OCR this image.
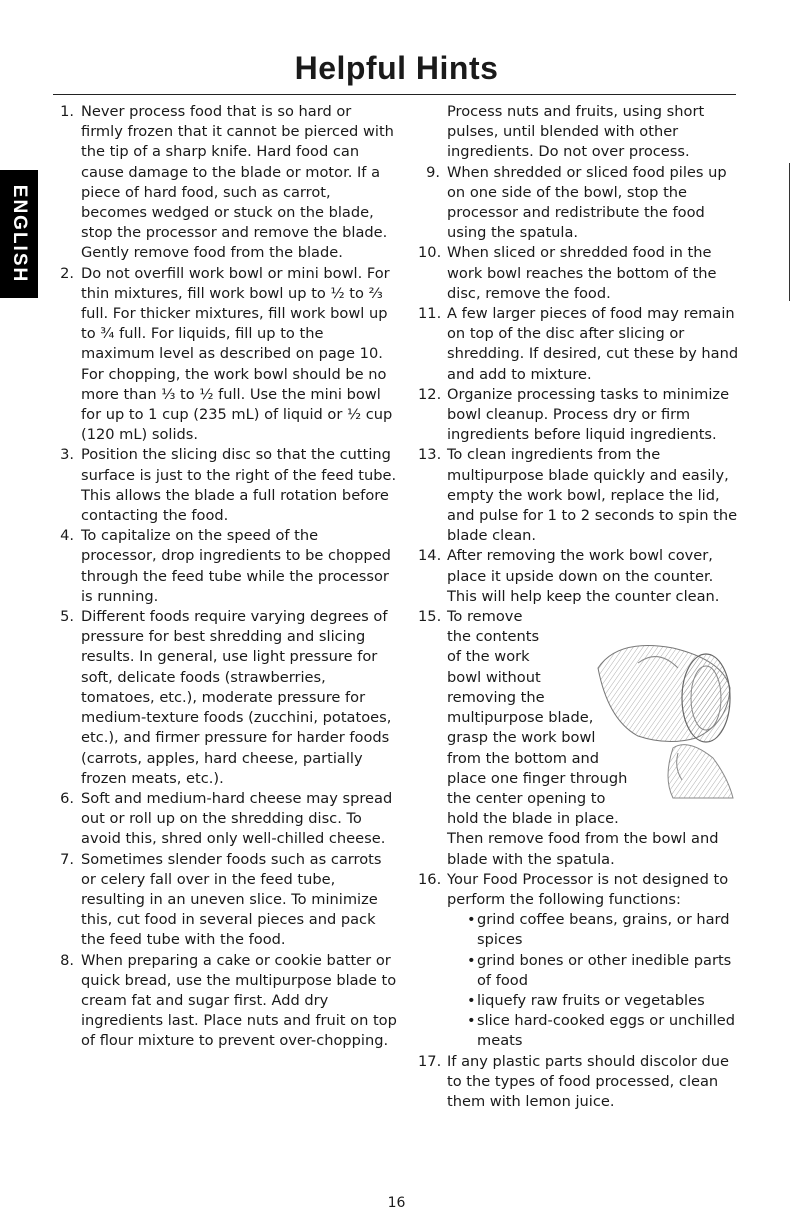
Helpful Hints
ENGLISH
1. Never process food that is so hard or firmly frozen that it cannot be pierced with the tip of a sharp knife. Hard food can cause damage to the blade or motor. If a piece of hard food, such as carrot, becomes wedged or stuck on the blade, stop the processor and remove the blade. Gently remove food from the blade.
2. Do not overfill work bowl or mini bowl. For thin mixtures, fill work bowl up to ½ to ⅔ full. For thicker mixtures, fill work bowl up to ¾ full. For liquids, fill up to the maximum level as described on page 10. For chopping, the work bowl should be no more than ⅓ to ½ full. Use the mini bowl for up to 1 cup (235 mL) of liquid or ½ cup (120 mL) solids.
3. Position the slicing disc so that the cutting surface is just to the right of the feed tube. This allows the blade a full rotation before contacting the food.
4. To capitalize on the speed of the processor, drop ingredients to be chopped through the feed tube while the processor is running.
5. Different foods require varying degrees of pressure for best shredding and slicing results. In general, use light pressure for soft, delicate foods (strawberries, tomatoes, etc.), moderate pressure for medium-texture foods (zucchini, potatoes, etc.), and firmer pressure for harder foods (carrots, apples, hard cheese, partially frozen meats, etc.).
6. Soft and medium-hard cheese may spread out or roll up on the shredding disc. To avoid this, shred only well-chilled cheese.
7. Sometimes slender foods such as carrots or celery fall over in the feed tube, resulting in an uneven slice. To minimize this, cut food in several pieces and pack the feed tube with the food.
8. When preparing a cake or cookie batter or quick bread, use the multipurpose blade to cream fat and sugar first. Add dry ingredients last. Place nuts and fruit on top of flour mixture to prevent over-chopping.
Process nuts and fruits, using short pulses, until blended with other ingredients. Do not over process.
9. When shredded or sliced food piles up on one side of the bowl, stop the processor and redistribute the food using the spatula.
10. When sliced or shredded food in the work bowl reaches the bottom of the disc, remove the food.
11. A few larger pieces of food may remain on top of the disc after slicing or shredding. If desired, cut these by hand and add to mixture.
12. Organize processing tasks to minimize bowl cleanup. Process dry or firm ingredients before liquid ingredients.
13. To clean ingredients from the multipurpose blade quickly and easily, empty the work bowl, replace the lid, and pulse for 1 to 2 seconds to spin the blade clean.
14. After removing the work bowl cover, place it upside down on the counter. This will help keep the counter clean.
15. To remove
the contents
of the work
bowl without
removing the
multipurpose blade,
grasp the work bowl
from the bottom and
place one finger through
the center opening to
hold the blade in place.
Then remove food from the bowl and blade with the spatula.
16. Your Food Processor is not designed to perform the following functions:
• grind coffee beans, grains, or hard spices
• grind bones or other inedible parts of food
• liquefy raw fruits or vegetables
• slice hard-cooked eggs or unchilled meats
17. If any plastic parts should discolor due to the types of food processed, clean them with lemon juice.
16
